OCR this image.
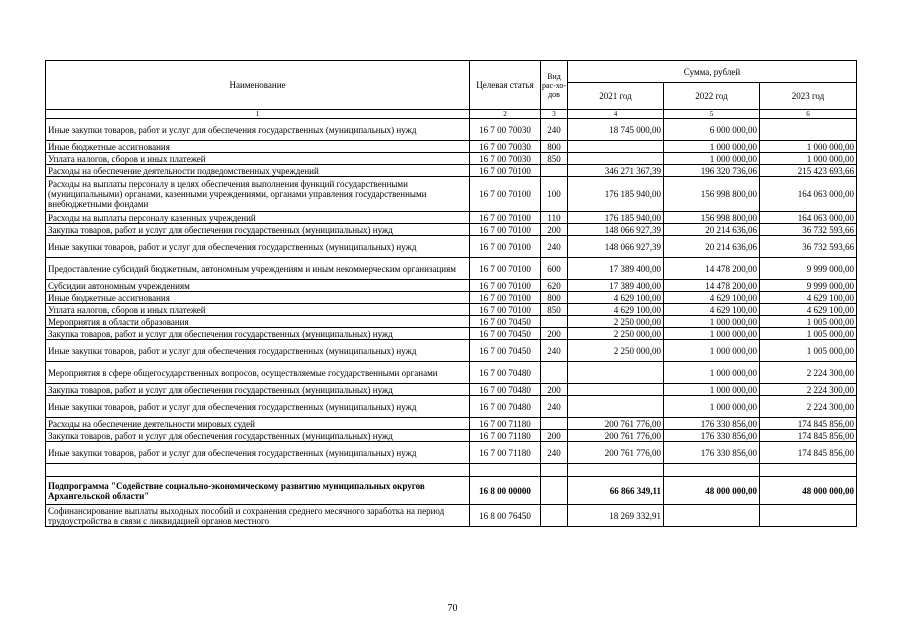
Наименование	Целевая статья	Вид рас-хо-дов	Сумма, рублей		
			2021 год	2022 год	2023 год
1	2	3	4	5	6
Иные закупки товаров, работ и услуг для обеспечения государственных (муниципальных) нужд	16 7 00 70030	240	18 745 000,00	6 000 000,00	
Иные бюджетные ассигнования	16 7 00 70030	800		1 000 000,00	1 000 000,00
Уплата налогов, сборов и иных платежей	16 7 00 70030	850		1 000 000,00	1 000 000,00
Расходы на обеспечение деятельности подведомственных учреждений	16 7 00 70100		346 271 367,39	196 320 736,06	215 423 693,66
Расходы на выплаты персоналу в целях обеспечения выполнения функций государственными (муниципальными) органами, казенными учреждениями, органами управления государственными внебюджетными фондами	16 7 00 70100	100	176 185 940,00	156 998 800,00	164 063 000,00
Расходы на выплаты персоналу казенных учреждений	16 7 00 70100	110	176 185 940,00	156 998 800,00	164 063 000,00
Закупка товаров, работ и услуг для обеспечения государственных (муниципальных) нужд	16 7 00 70100	200	148 066 927,39	20 214 636,06	36 732 593,66
Иные закупки товаров, работ и услуг для обеспечения государственных (муниципальных) нужд	16 7 00 70100	240	148 066 927,39	20 214 636,06	36 732 593,66
Предоставление субсидий бюджетным, автономным учреждениям и иным некоммерческим организациям	16 7 00 70100	600	17 389 400,00	14 478 200,00	9 999 000,00
Субсидии автономным учреждениям	16 7 00 70100	620	17 389 400,00	14 478 200,00	9 999 000,00
Иные бюджетные ассигнования	16 7 00 70100	800	4 629 100,00	4 629 100,00	4 629 100,00
Уплата налогов, сборов и иных платежей	16 7 00 70100	850	4 629 100,00	4 629 100,00	4 629 100,00
Мероприятия в области образования	16 7 00 70450		2 250 000,00	1 000 000,00	1 005 000,00
Закупка товаров, работ и услуг для обеспечения государственных (муниципальных) нужд	16 7 00 70450	200	2 250 000,00	1 000 000,00	1 005 000,00
Иные закупки товаров, работ и услуг для обеспечения государственных (муниципальных) нужд	16 7 00 70450	240	2 250 000,00	1 000 000,00	1 005 000,00
Мероприятия в сфере общегосударственных вопросов, осуществляемые государственными органами	16 7 00 70480			1 000 000,00	2 224 300,00
Закупка товаров, работ и услуг для обеспечения государственных (муниципальных) нужд	16 7 00 70480	200		1 000 000,00	2 224 300,00
Иные закупки товаров, работ и услуг для обеспечения государственных (муниципальных) нужд	16 7 00 70480	240		1 000 000,00	2 224 300,00
Расходы на обеспечение деятельности мировых судей	16 7 00 71180		200 761 776,00	176 330 856,00	174 845 856,00
Закупка товаров, работ и услуг для обеспечения государственных (муниципальных) нужд	16 7 00 71180	200	200 761 776,00	176 330 856,00	174 845 856,00
Иные закупки товаров, работ и услуг для обеспечения государственных (муниципальных) нужд	16 7 00 71180	240	200 761 776,00	176 330 856,00	174 845 856,00

Подпрограмма "Содействие социально-экономическому развитию муниципальных округов Архангельской области"	16 8 00 00000		66 866 349,11	48 000 000,00	48 000 000,00
Софинансирование выплаты выходных пособий и сохранения среднего месячного заработка на период трудоустройства в связи с ликвидацией органов местного	16 8 00 76450		18 269 332,91		
70
